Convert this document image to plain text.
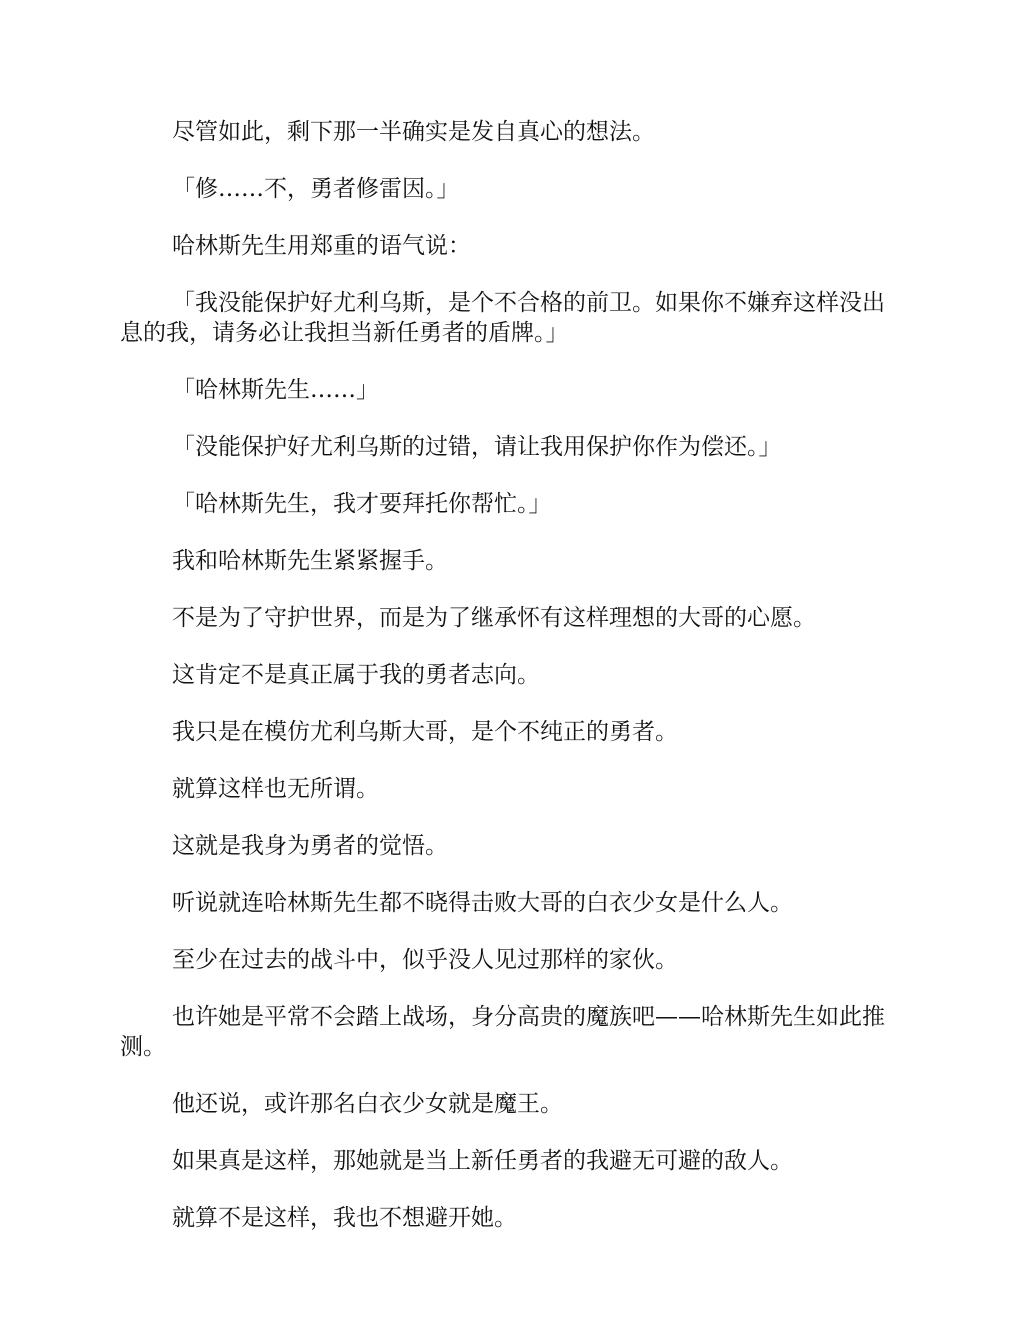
尽管如此，剩下那一半确实是发自真心的想法。

「修……不，勇者修雷因。」

哈林斯先生用郑重的语气说：

「我没能保护好尤利乌斯，是个不合格的前卫。如果你不嫌弃这样没出息的我，请务必让我担当新任勇者的盾牌。」

「哈林斯先生……」

「没能保护好尤利乌斯的过错，请让我用保护你作为偿还。」

「哈林斯先生，我才要拜托你帮忙。」

我和哈林斯先生紧紧握手。

不是为了守护世界，而是为了继承怀有这样理想的大哥的心愿。

这肯定不是真正属于我的勇者志向。

我只是在模仿尤利乌斯大哥，是个不纯正的勇者。

就算这样也无所谓。

这就是我身为勇者的觉悟。

听说就连哈林斯先生都不晓得击败大哥的白衣少女是什么人。

至少在过去的战斗中，似乎没人见过那样的家伙。

也许她是平常不会踏上战场，身分高贵的魔族吧——哈林斯先生如此推测。

他还说，或许那名白衣少女就是魔王。

如果真是这样，那她就是当上新任勇者的我避无可避的敌人。

就算不是这样，我也不想避开她。
